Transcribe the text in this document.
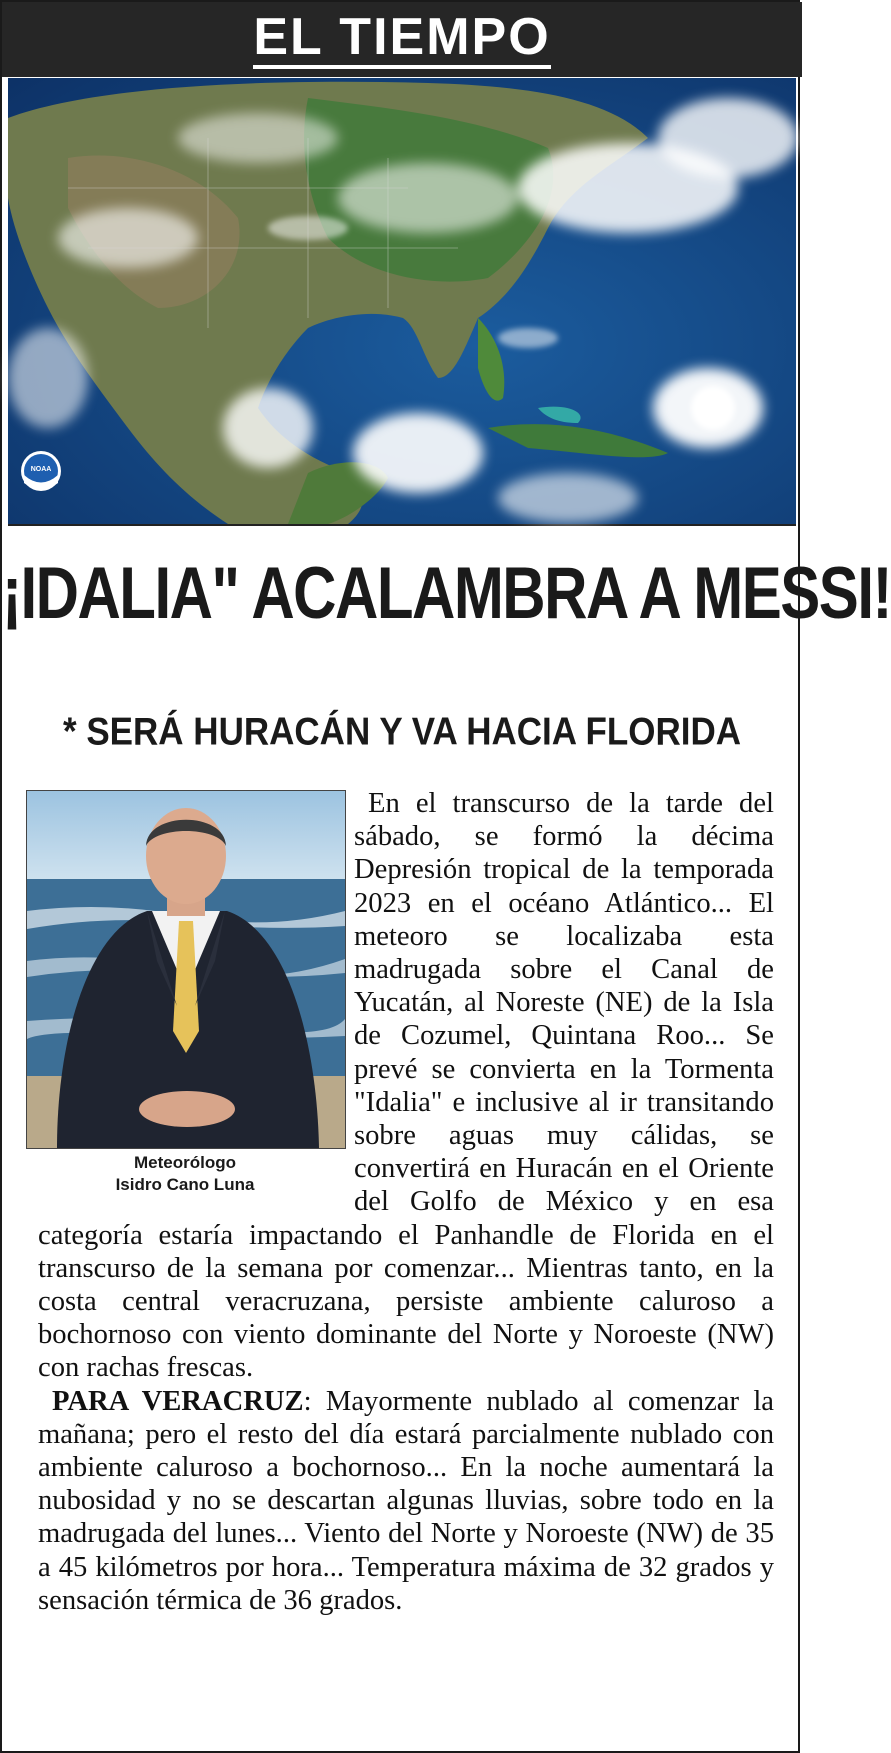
EL TIEMPO
NOAA
¡IDALIA" ACALAMBRA A MESSI!
* SERÁ HURACÁN Y VA HACIA FLORIDA
Meteorólogo
Isidro Cano Luna

En el transcurso de la tarde del sábado, se formó la décima Depresión tropical de la temporada 2023 en el océano Atlántico... El meteoro se localizaba esta madrugada sobre el Canal de Yucatán, al Noreste (NE) de la Isla de Cozumel, Quintana Roo... Se prevé se convierta en la Tormenta "Idalia" e inclusive al ir transitando sobre aguas muy cálidas, se convertirá en Huracán en el Oriente del Golfo de México y en esa categoría estaría impactando el Panhandle de Florida en el transcurso de la semana por comenzar... Mientras tanto, en la costa central veracruzana, persiste ambiente caluroso a bochornoso con viento dominante del Norte y Noroeste (NW) con rachas frescas.

PARA VERACRUZ: Mayormente nublado al comenzar la mañana; pero el resto del día estará parcialmente nublado con ambiente caluroso a bochornoso... En la noche aumentará la nubosidad y no se descartan algunas lluvias, sobre todo en la madrugada del lunes... Viento del Norte y Noroeste (NW) de 35 a 45 kilómetros por hora... Temperatura máxima de 32 grados y sensación térmica de 36 grados.
